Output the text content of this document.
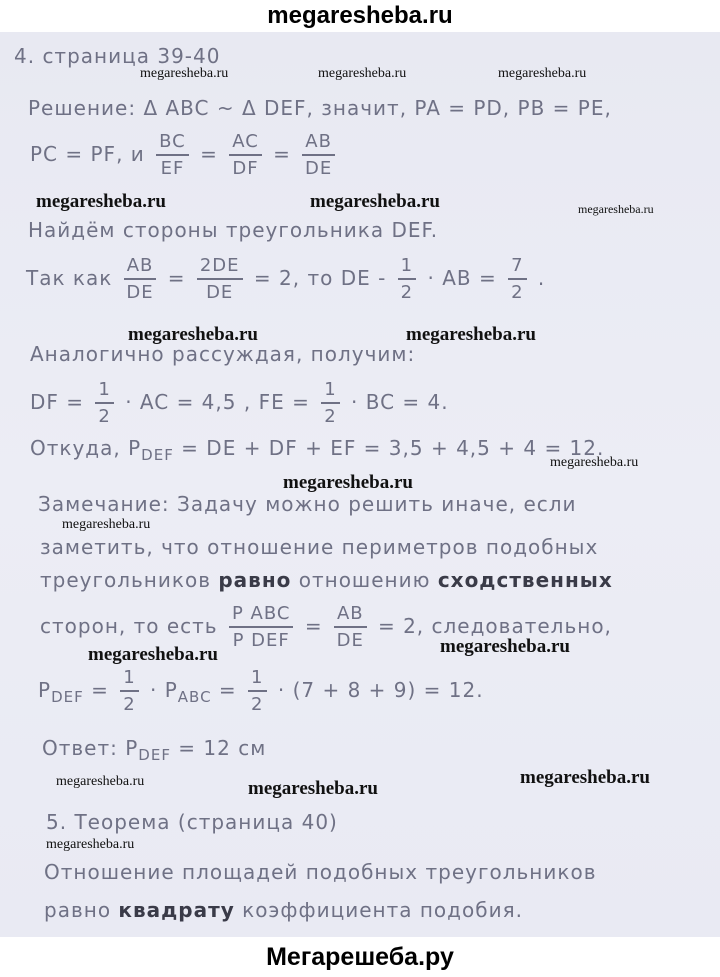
megaresheba.ru
4. страница 39-40
Решение: Δ ABC ~ Δ DEF, значит, PA = PD, PB = PE,
PC = PF, и $\frac{BC}{EF} = \frac{AC}{DF} = \frac{AB}{DE}$
Найдём стороны треугольника DEF.
Так как $\frac{AB}{DE} = \frac{2DE}{DE} = 2$, то DE - $\frac{1}{2}$ · AB = $\frac{7}{2}$ .
Аналогично рассуждая, получим:
DF = $\frac{1}{2}$ · AC = 4,5 , FE = $\frac{1}{2}$ · BC = 4.
Откуда, $P_{DEF}$ = DE + DF + EF = 3,5 + 4,5 + 4 = 12.
Замечание: Задачу можно решить иначе, если
заметить, что отношение периметров подобных
треугольников равно отношению сходственных
сторон, то есть $\frac{\text{P ABC}}{\text{P DEF}} = \frac{AB}{DE} = 2$, следовательно,
$P_{DEF} = \frac{1}{2} \cdot P_{ABC} = \frac{1}{2} \cdot (7 + 8 + 9) = 12$.
Ответ: $P_{DEF} = 12$ см
5. Теорема (страница 40)
Отношение площадей подобных треугольников
равно квадрату коэффициента подобия.
megaresheba.ru	megaresheba.ru	megaresheba.ru
megaresheba.ru	megaresheba.ru	megaresheba.ru
megaresheba.ru	megaresheba.ru
megaresheba.ru
megaresheba.ru
megaresheba.ru
megaresheba.ru	megaresheba.ru
megaresheba.ru	megaresheba.ru
megaresheba.ru
megaresheba.ru
Мегарешеба.ру
